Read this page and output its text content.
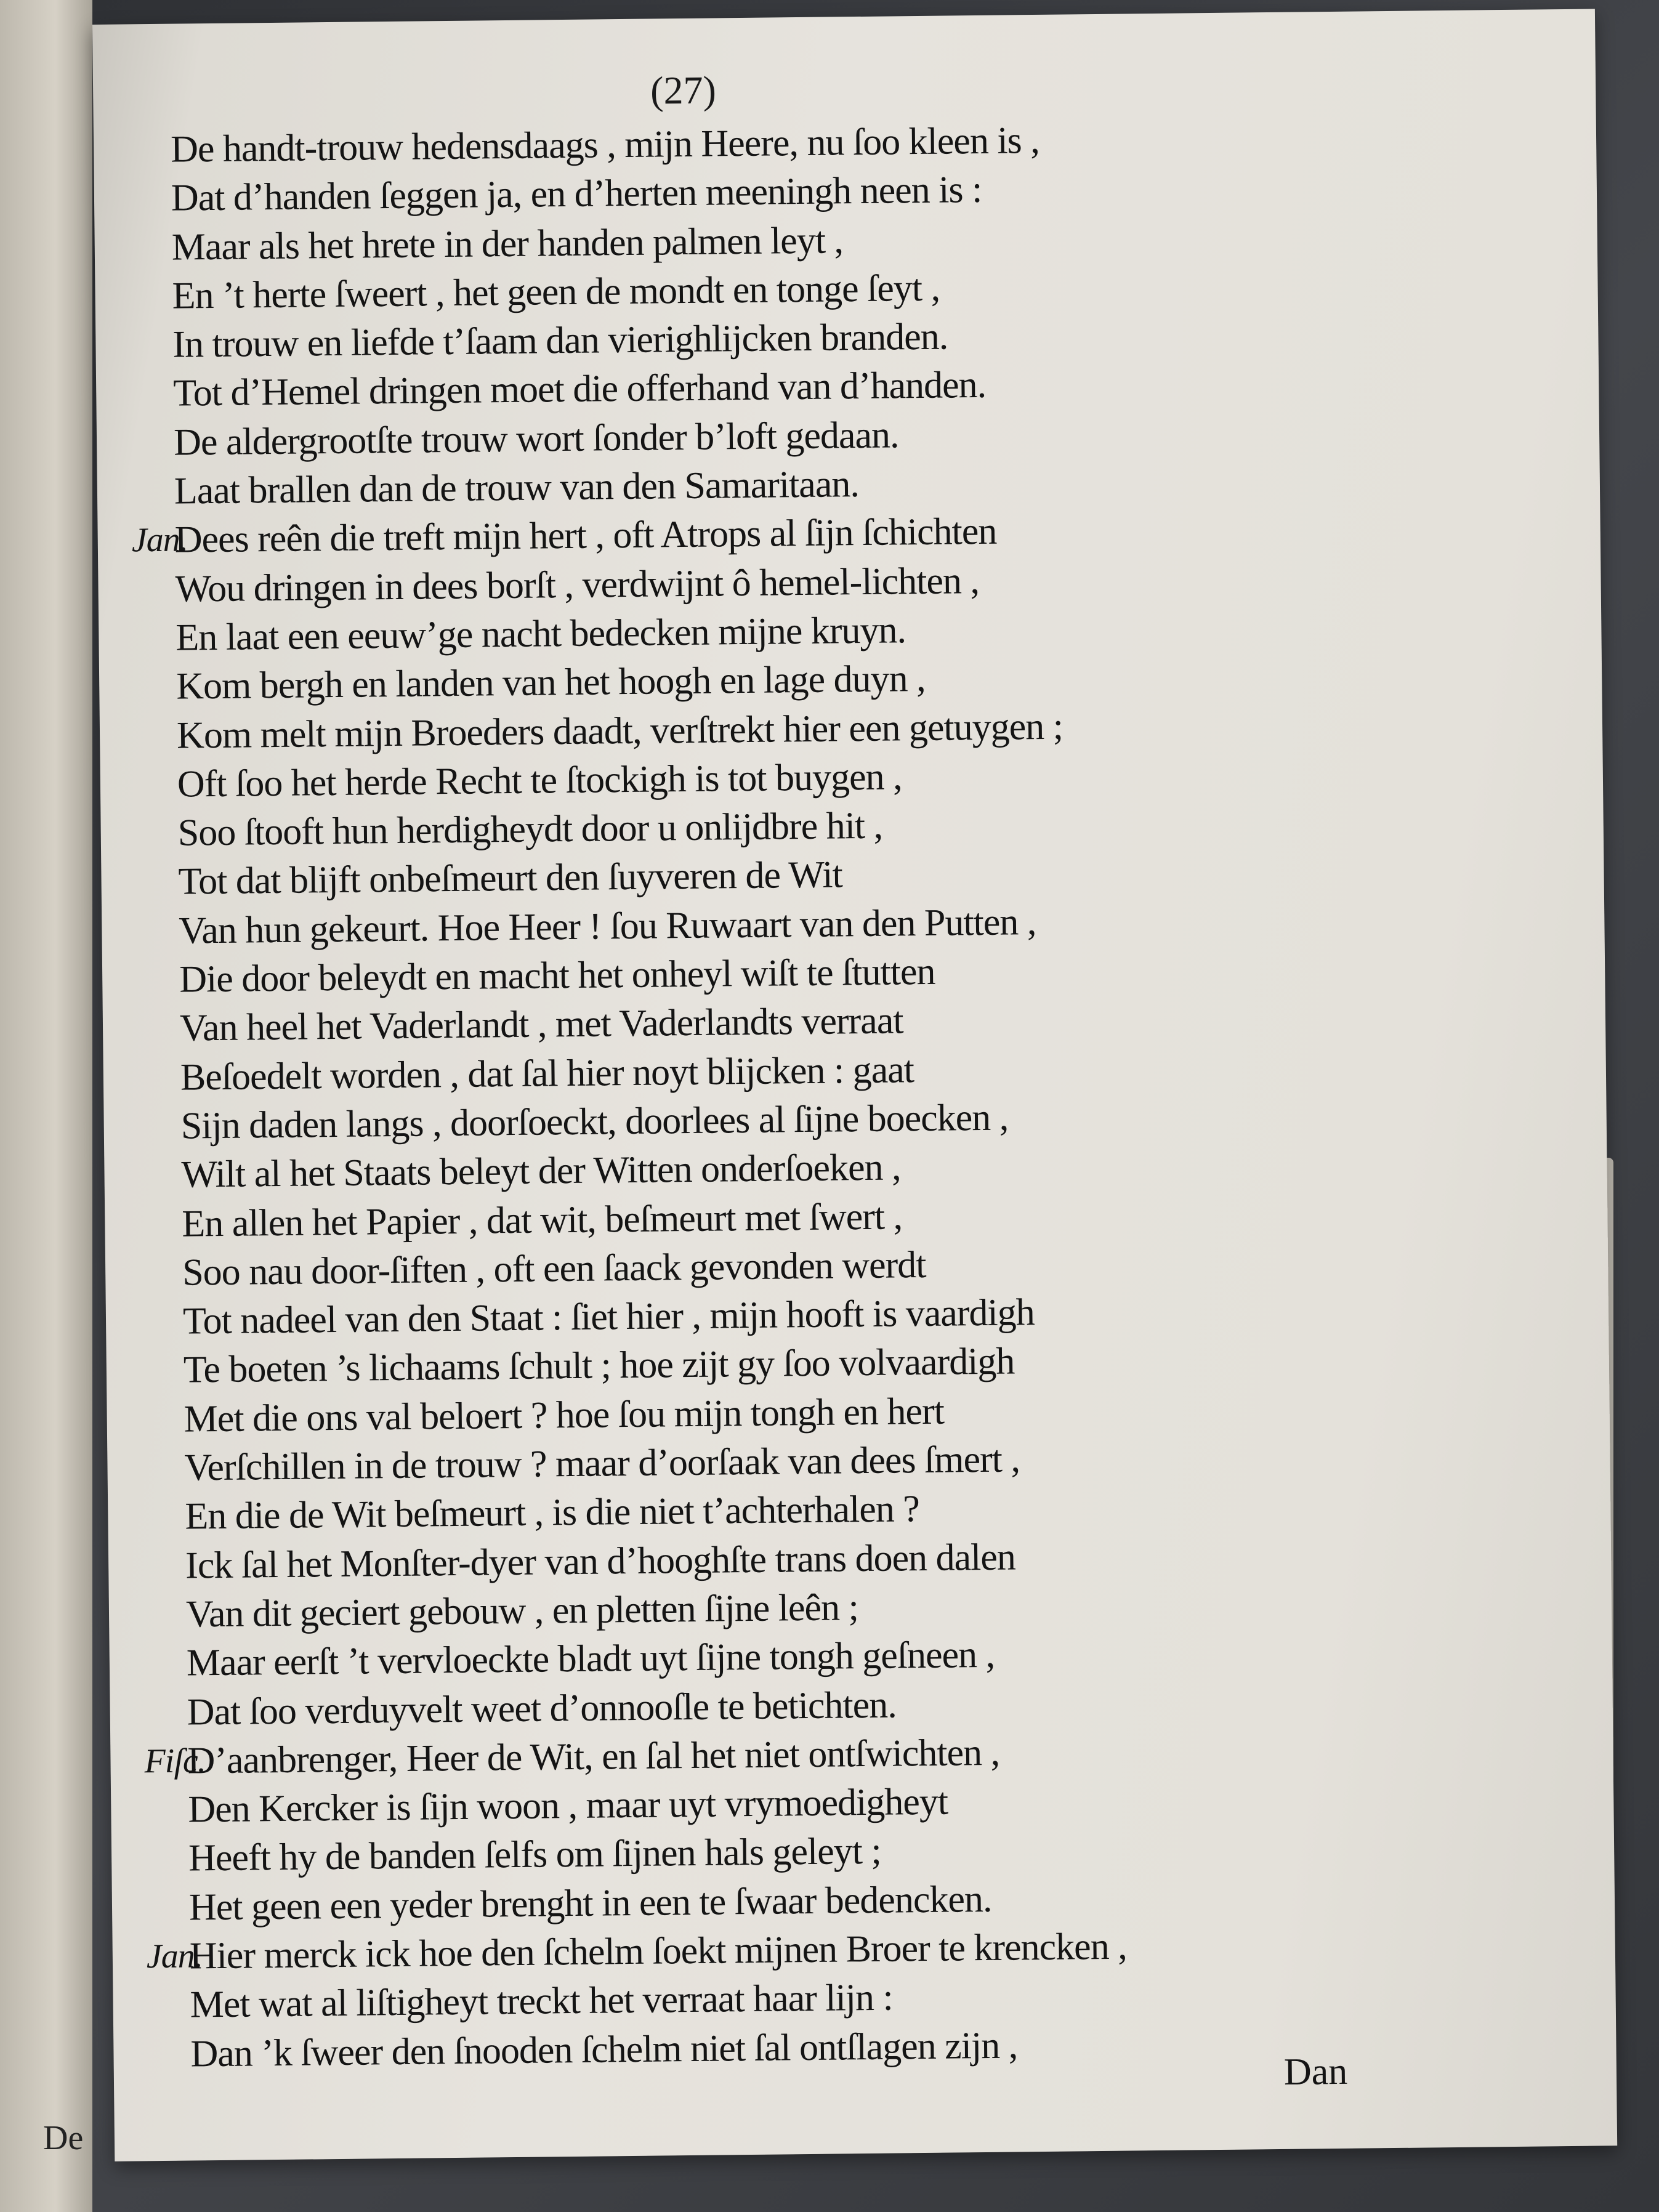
De
(27)
De handt-trouw hedensdaags , mijn Heere, nu ſoo kleen is ,
Dat d’handen ſeggen ja, en d’herten meeningh neen is :
Maar als het hrete in der handen palmen leyt ,
En ’t herte ſweert , het geen de mondt en tonge ſeyt ,
In trouw en liefde t’ſaam dan vierighlijcken branden.
Tot d’Hemel dringen moet die offerhand van d’handen.
De aldergrootſte trouw wort ſonder b’loft gedaan.
Laat brallen dan de trouw van den Samaritaan.
Jan.
Dees reên die treft mijn hert , oft Atrops al ſijn ſchichten
Wou dringen in dees borſt , verdwijnt ô hemel-lichten ,
En laat een eeuw’ge nacht bedecken mijne kruyn.
Kom bergh en landen van het hoogh en lage duyn ,
Kom melt mijn Broeders daadt, verſtrekt hier een getuygen ;
Oft ſoo het herde Recht te ſtockigh is tot buygen ,
Soo ſtooft hun herdigheydt door u onlijdbre hit ,
Tot dat blijft onbeſmeurt den ſuyveren de Wit
Van hun gekeurt. Hoe Heer ! ſou Ruwaart van den Putten ,
Die door beleydt en macht het onheyl wiſt te ſtutten
Van heel het Vaderlandt , met Vaderlandts verraat
Beſoedelt worden , dat ſal hier noyt blijcken : gaat
Sijn daden langs , doorſoeckt, doorlees al ſijne boecken ,
Wilt al het Staats beleyt der Witten onderſoeken ,
En allen het Papier , dat wit, beſmeurt met ſwert ,
Soo nau door-ſiften , oft een ſaack gevonden werdt
Tot nadeel van den Staat : ſiet hier , mijn hooft is vaardigh
Te boeten ’s lichaams ſchult ; hoe zijt gy ſoo volvaardigh
Met die ons val beloert ? hoe ſou mijn tongh en hert
Verſchillen in de trouw ? maar d’oorſaak van dees ſmert ,
En die de Wit beſmeurt , is die niet t’achterhalen ?
Ick ſal het Monſter-dyer van d’hooghſte trans doen dalen
Van dit geciert gebouw , en pletten ſijne leên ;
Maar eerſt ’t vervloeckte bladt uyt ſijne tongh geſneen ,
Dat ſoo verduyvelt weet d’onnooſle te betichten.
Fiſc.
D’aanbrenger, Heer de Wit, en ſal het niet ontſwichten ,
Den Kercker is ſijn woon , maar uyt vrymoedigheyt
Heeft hy de banden ſelfs om ſijnen hals geleyt ;
Het geen een yeder brenght in een te ſwaar bedencken.
Jan.
Hier merck ick hoe den ſchelm ſoekt mijnen Broer te krencken ,
Met wat al liſtigheyt treckt het verraat haar lijn :
Dan ’k ſweer den ſnooden ſchelm niet ſal ontſlagen zijn ,	Dan
